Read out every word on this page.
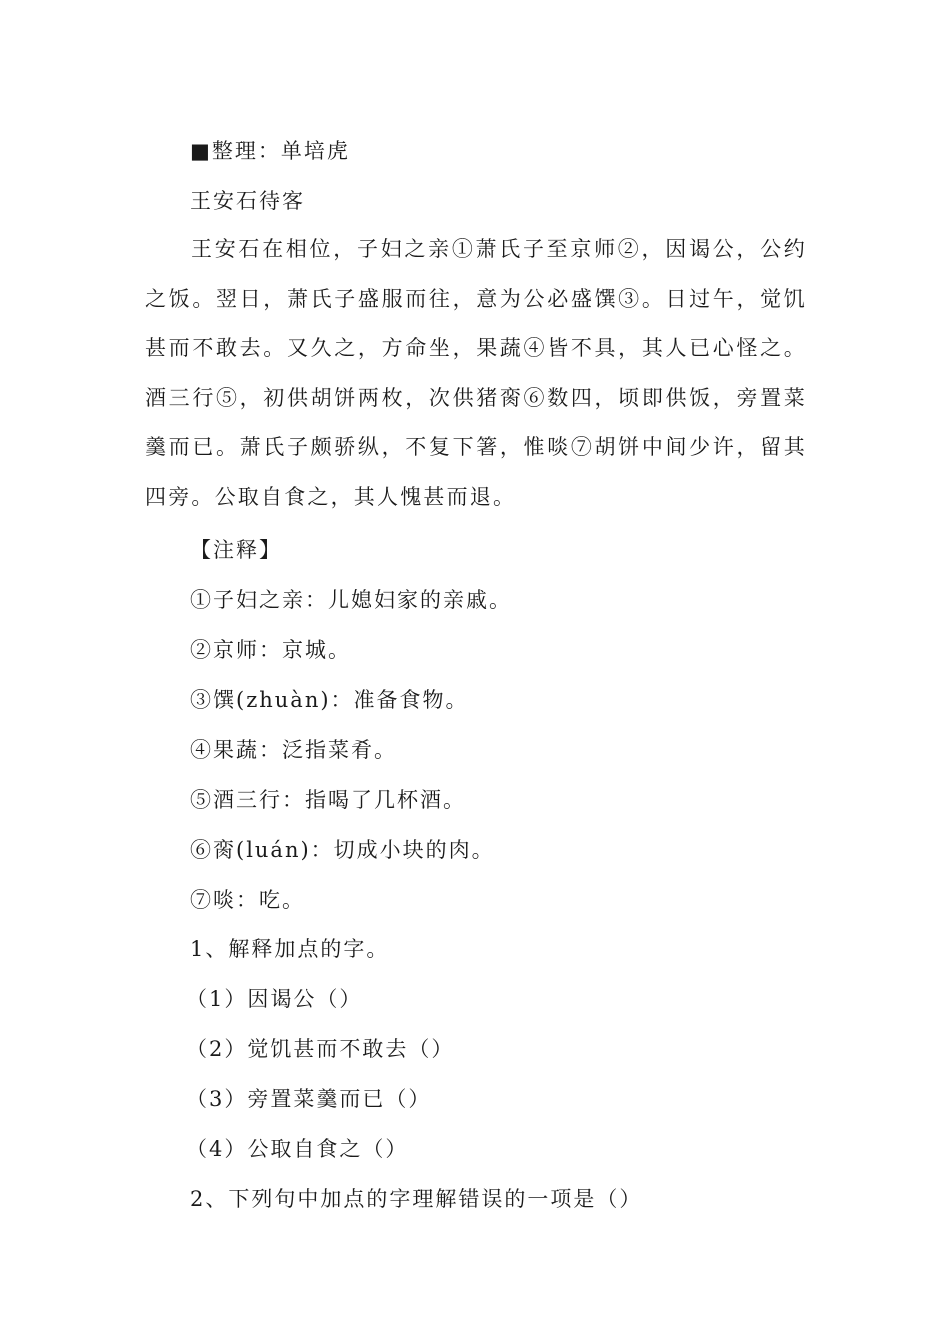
■整理：单培虎
王安石待客
王安石在相位，子妇之亲①萧氏子至京师②，因谒公，公约之饭。翌日，萧氏子盛服而往，意为公必盛馔③。日过午，觉饥甚而不敢去。又久之，方命坐，果蔬④皆不具，其人已心怪之。酒三行⑤，初供胡饼两枚，次供猪脔⑥数四，顷即供饭，旁置菜羹而已。萧氏子颇骄纵，不复下箸，惟啖⑦胡饼中间少许，留其四旁。公取自食之，其人愧甚而退。
【注释】
①子妇之亲：儿媳妇家的亲戚。
②京师：京城。
③馔(zhuàn)：准备食物。
④果蔬：泛指菜肴。
⑤酒三行：指喝了几杯酒。
⑥脔(luán)：切成小块的肉。
⑦啖：吃。
1、解释加点的字。
（1）因谒公（）
（2）觉饥甚而不敢去（）
（3）旁置菜羹而已（）
（4）公取自食之（）
2、下列句中加点的字理解错误的一项是（）
